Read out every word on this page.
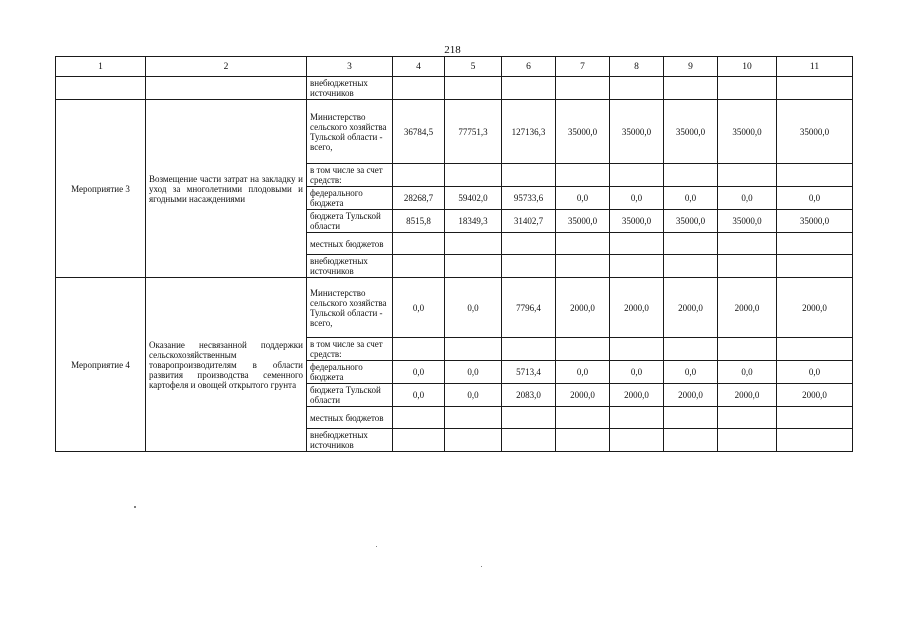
218
1	2	3	4	5	6	7	8	9	10	11
		внебюджетных источников								
Мероприятие 3	Возмещение части затрат на закладку и уход за многолетними плодовыми и ягодными насаждениями	Министерство сельского хозяйства Тульской области - всего,	36784,5	77751,3	127136,3	35000,0	35000,0	35000,0	35000,0	35000,0
		в том числе за счет средств:								
		федерального бюджета	28268,7	59402,0	95733,6	0,0	0,0	0,0	0,0	0,0
		бюджета Тульской области	8515,8	18349,3	31402,7	35000,0	35000,0	35000,0	35000,0	35000,0
		местных бюджетов								
		внебюджетных источников								
Мероприятие 4	Оказание несвязанной поддержки сельскохозяйственным товаропроизводителям в области развития производства семенного картофеля и овощей открытого грунта	Министерство сельского хозяйства Тульской области - всего,	0,0	0,0	7796,4	2000,0	2000,0	2000,0	2000,0	2000,0
		в том числе за счет средств:								
		федерального бюджета	0,0	0,0	5713,4	0,0	0,0	0,0	0,0	0,0
		бюджета Тульской области	0,0	0,0	2083,0	2000,0	2000,0	2000,0	2000,0	2000,0
		местных бюджетов								
		внебюджетных источников								
